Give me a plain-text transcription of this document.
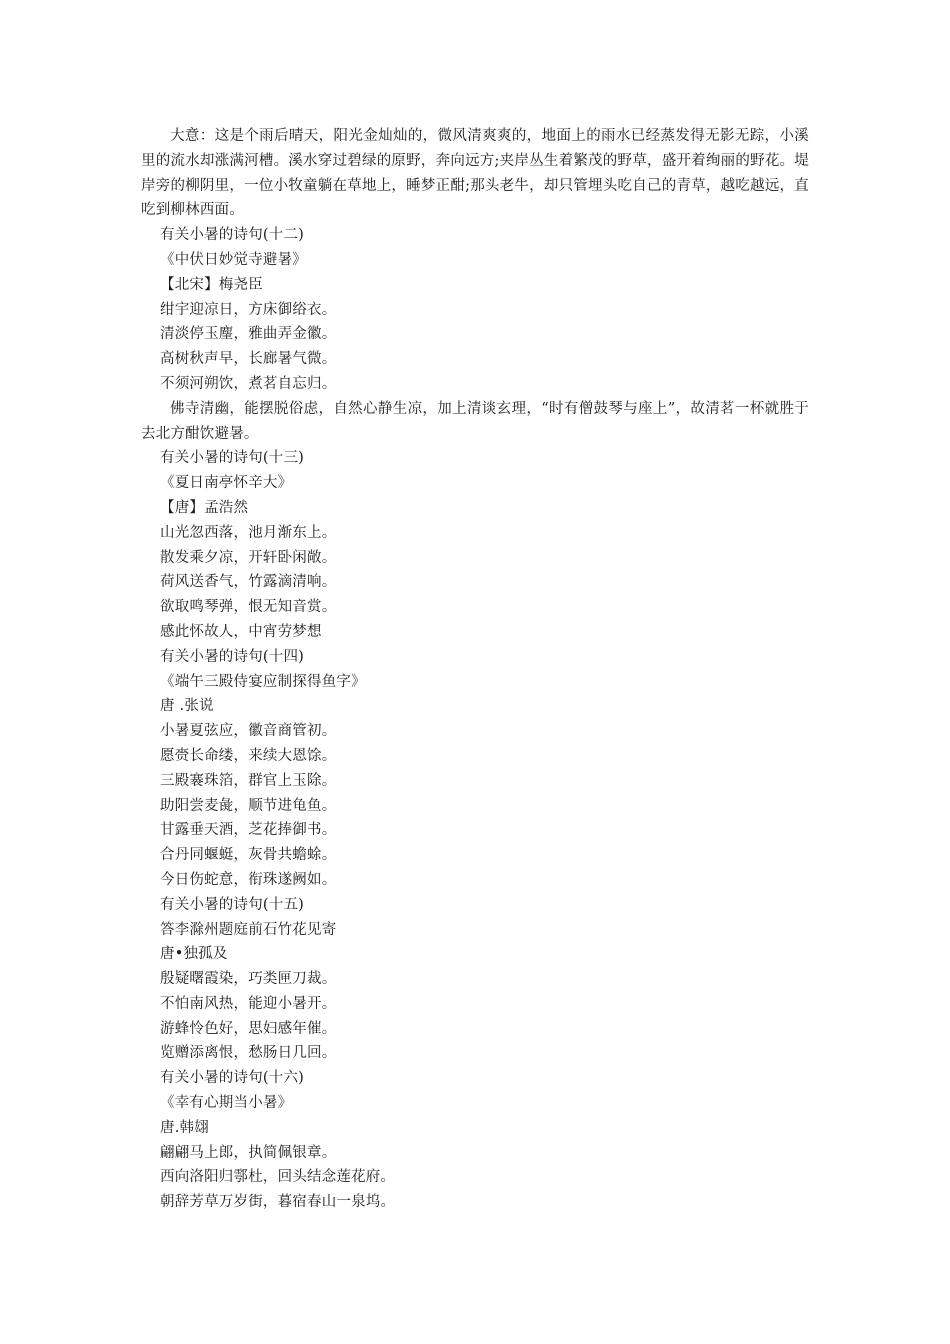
大意：这是个雨后晴天，阳光金灿灿的，微风清爽爽的，地面上的雨水已经蒸发得无影无踪，小溪里的流水却涨满河槽。溪水穿过碧绿的原野，奔向远方;夹岸丛生着繁茂的野草，盛开着绚丽的野花。堤岸旁的柳阴里，一位小牧童躺在草地上，睡梦正酣;那头老牛，却只管埋头吃自己的青草，越吃越远，直吃到柳林西面。

有关小暑的诗句(十二)
《中伏日妙觉寺避暑》
【北宋】梅尧臣
绀宇迎凉日，方床御绤衣。
清淡停玉麈，雅曲弄金徽。
高树秋声早，长廊暑气微。
不须河朔饮，煮茗自忘归。

佛寺清幽，能摆脱俗虑，自然心静生凉，加上清谈玄理，“时有僧鼓琴与座上”，故清茗一杯就胜于去北方酣饮避暑。

有关小暑的诗句(十三)
《夏日南亭怀辛大》
【唐】孟浩然
山光忽西落，池月渐东上。
散发乘夕凉，开轩卧闲敞。
荷风送香气，竹露滴清响。
欲取鸣琴弹，恨无知音赏。
感此怀故人，中宵劳梦想
有关小暑的诗句(十四)
《端午三殿侍宴应制探得鱼字》
唐 .张说
小暑夏弦应，徽音商管初。
愿赍长命缕，来续大恩馀。
三殿褰珠箔，群官上玉除。
助阳尝麦彘，顺节进龟鱼。
甘露垂天酒，芝花捧御书。
合丹同蝘蜓，灰骨共蟾蜍。
今日伤蛇意，衔珠遂阙如。
有关小暑的诗句(十五)
答李滁州题庭前石竹花见寄
唐•独孤及
殷疑曙霞染，巧类匣刀裁。
不怕南风热，能迎小暑开。
游蜂怜色好，思妇感年催。
览赠添离恨，愁肠日几回。
有关小暑的诗句(十六)
《幸有心期当小暑》
唐.韩翃
翩翩马上郎，执简佩银章。
西向洛阳归鄠杜，回头结念莲花府。
朝辞芳草万岁街，暮宿春山一泉坞。
